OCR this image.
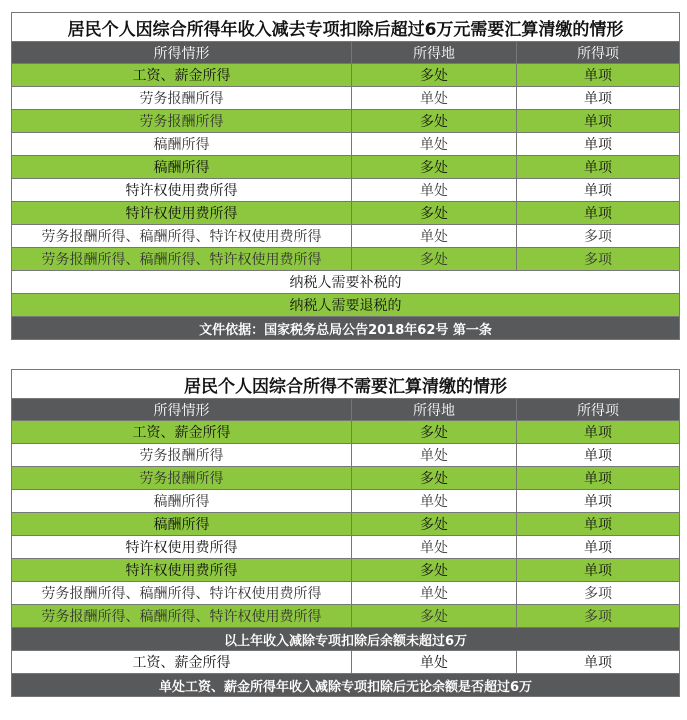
居民个人因综合所得年收入减去专项扣除后超过6万元需要汇算清缴的情形		
所得情形	所得地	所得项
工资、薪金所得	多处	单项
劳务报酬所得	单处	单项
劳务报酬所得	多处	单项
稿酬所得	单处	单项
稿酬所得	多处	单项
特许权使用费所得	单处	单项
特许权使用费所得	多处	单项
劳务报酬所得、稿酬所得、特许权使用费所得	单处	多项
劳务报酬所得、稿酬所得、特许权使用费所得	多处	多项
纳税人需要补税的		
纳税人需要退税的		
文件依据：国家税务总局公告2018年62号 第一条		
居民个人因综合所得不需要汇算清缴的情形		
所得情形	所得地	所得项
工资、薪金所得	多处	单项
劳务报酬所得	单处	单项
劳务报酬所得	多处	单项
稿酬所得	单处	单项
稿酬所得	多处	单项
特许权使用费所得	单处	单项
特许权使用费所得	多处	单项
劳务报酬所得、稿酬所得、特许权使用费所得	单处	多项
劳务报酬所得、稿酬所得、特许权使用费所得	多处	多项
以上年收入减除专项扣除后余额未超过6万		
工资、薪金所得	单处	单项
单处工资、薪金所得年收入减除专项扣除后无论余额是否超过6万		
